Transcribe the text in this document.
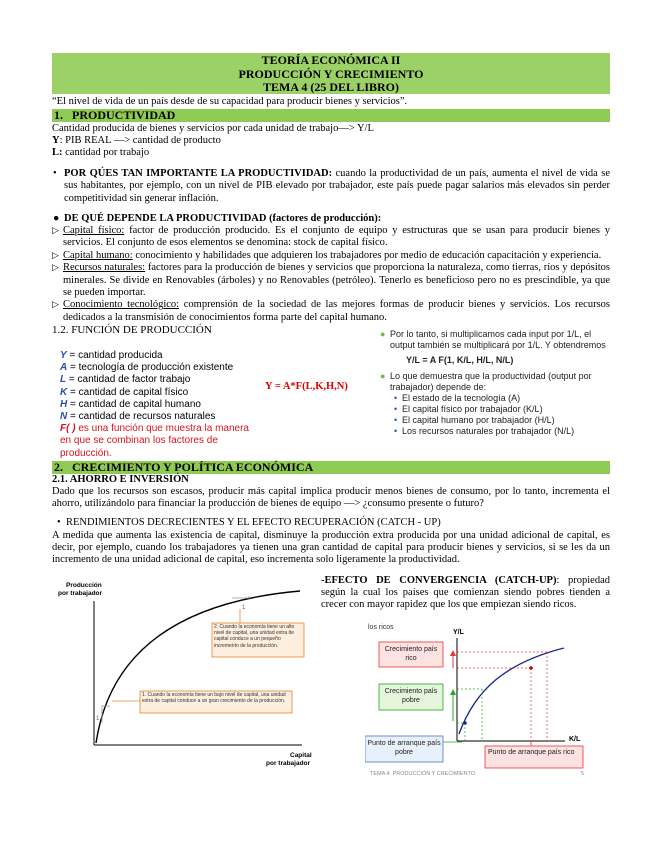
TEORÍA ECONÓMICA II
PRODUCCIÓN Y CRECIMIENTO
TEMA 4 (25 DEL LIBRO)
“El nivel de vida de un país desde de su capacidad para producir bienes y servicios”.
1. PRODUCTIVIDAD
Cantidad producida de bienes y servicios por cada unidad de trabajo—> Y/L
Y: PIB REAL —> cantidad de producto
L: cantidad por trabajo
• POR QÚES TAN IMPORTANTE LA PRODUCTIVIDAD: cuando la productividad de un país, aumenta el nivel de vida se sus habitantes, por ejemplo, con un nivel de PIB elevado por trabajador, este país puede pagar salarios más elevados sin perder competitividad sin generar inflación.
● DE QUÉ DEPENDE LA PRODUCTIVIDAD (factores de producción):
▷ Capital físico: factor de producción producido. Es el conjunto de equipo y estructuras que se usan para producir bienes y servicios. El conjunto de esos elementos se denomina: stock de capital físico.
▷ Capital humano: conocimiento y habilidades que adquieren los trabajadores por medio de educación capacitación y experiencia.
▷ Recursos naturales: factores para la producción de bienes y servicios que proporciona la naturaleza, como tierras, ríos y depósitos minerales. Se divide en Renovables (árboles) y no Renovables (petróleo). Tenerlo es beneficioso pero no es prescindible, ya que se pueden importar.
▷ Conocimiento tecnológico: comprensión de la sociedad de las mejores formas de producir bienes y servicios. Los recursos dedicados a la transmisión de conocimientos forma parte del capital humano.
1.2. FUNCIÓN DE PRODUCCIÓN
Y = cantidad producida
A = tecnología de producción existente
L = cantidad de factor trabajo
K = cantidad de capital físico
H = cantidad de capital humano
N = cantidad de recursos naturales
F( ) es una función que muestra la manera en que se combinan los factores de producción.
Y = A*F(L,K,H,N)
● Por lo tanto, si multiplicamos cada input por 1/L, el output también se multiplicará por 1/L. Y obtendremos
Y/L = A F(1, K/L, H/L, N/L)
● Lo que demuestra que la productividad (output por trabajador) depende de:
• El estado de la tecnología (A)
• El capital físico por trabajador (K/L)
• El capital humano por trabajador (H/L)
• Los recursos naturales por trabajador (N/L)
2. CRECIMIENTO Y POLÍTICA ECONÓMICA
2.1. AHORRO E INVERSIÓN
Dado que los recursos son escasos, producir más capital implica producir menos bienes de consumo, por lo tanto, incrementa el ahorro, utilizándolo para financiar la producción de bienes de equipo —> ¿consumo presente o futuro?
• RENDIMIENTOS DECRECIENTES Y EL EFECTO RECUPERACIÓN (CATCH - UP)
A medida que aumenta las existencia de capital, disminuye la producción extra producida por una unidad adicional de capital, es decir, por ejemplo, cuando los trabajadores ya tienen una gran cantidad de capital para producir bienes y servicios, si se les da un incremento de una unidad adicional de capital, eso incrementa solo ligeramente la productividad.
Producción
por trabajador
1
1
2. Cuando la economía tiene un alto nivel de capital, una unidad extra de capital conduce a un pequeño incremento de la producción.
1. Cuando la economía tiene un bajo nivel de capital, una unidad extra de capital conduce a un gran crecimiento de la producción.
Capital
por trabajador
-EFECTO DE CONVERGENCIA (CATCH-UP): propiedad según la cual los países que comienzan siendo pobres tienden a crecer con mayor rapidez que los que empiezan siendo ricos.
los ricos
Y/L
K/L
Crecimiento país rico
Crecimiento país pobre
Punto de arranque país pobre	Punto de arranque país rico
TEMA 4. PRODUCCIÓN Y CRECIMIENTO	5
